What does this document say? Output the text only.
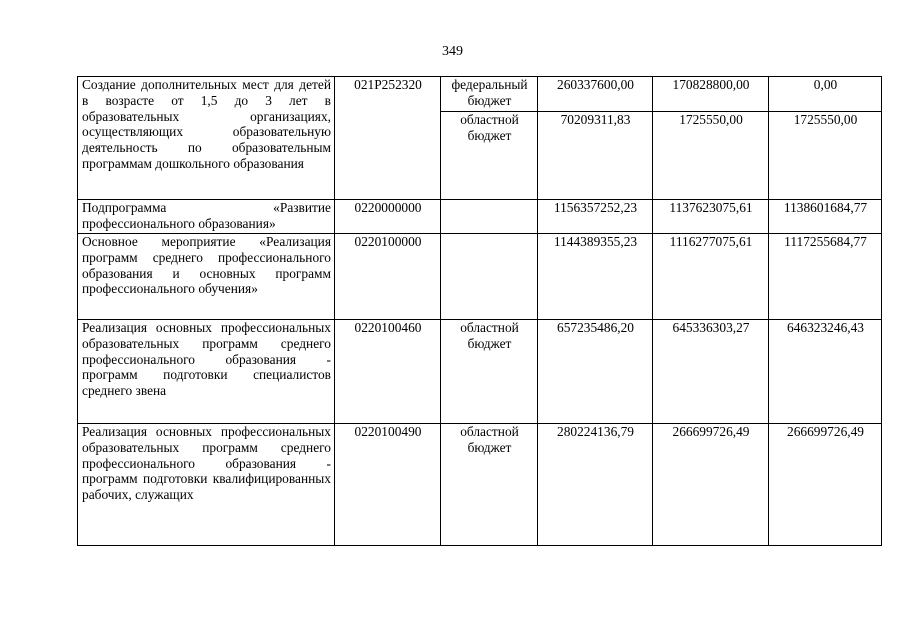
349
Создание дополнительных мест для детей в возрасте от 1,5 до 3 лет в образовательных организациях, осуществляющих образовательную деятельность по образовательным программам дошкольного образования	021P252320	федеральный бюджет	260337600,00	170828800,00	0,00
		областной бюджет	70209311,83	1725550,00	1725550,00
Подпрограмма «Развитие профессионального образования»	0220000000		1156357252,23	1137623075,61	1138601684,77
Основное мероприятие «Реализация программ среднего профессионального образования и основных программ профессионального обучения»	0220100000		1144389355,23	1116277075,61	1117255684,77
Реализация основных профессиональных образовательных программ среднего профессионального образования - программ подготовки специалистов среднего звена	0220100460	областной бюджет	657235486,20	645336303,27	646323246,43
Реализация основных профессиональных образовательных программ среднего профессионального образования - программ подготовки квалифицированных рабочих, служащих	0220100490	областной бюджет	280224136,79	266699726,49	266699726,49
